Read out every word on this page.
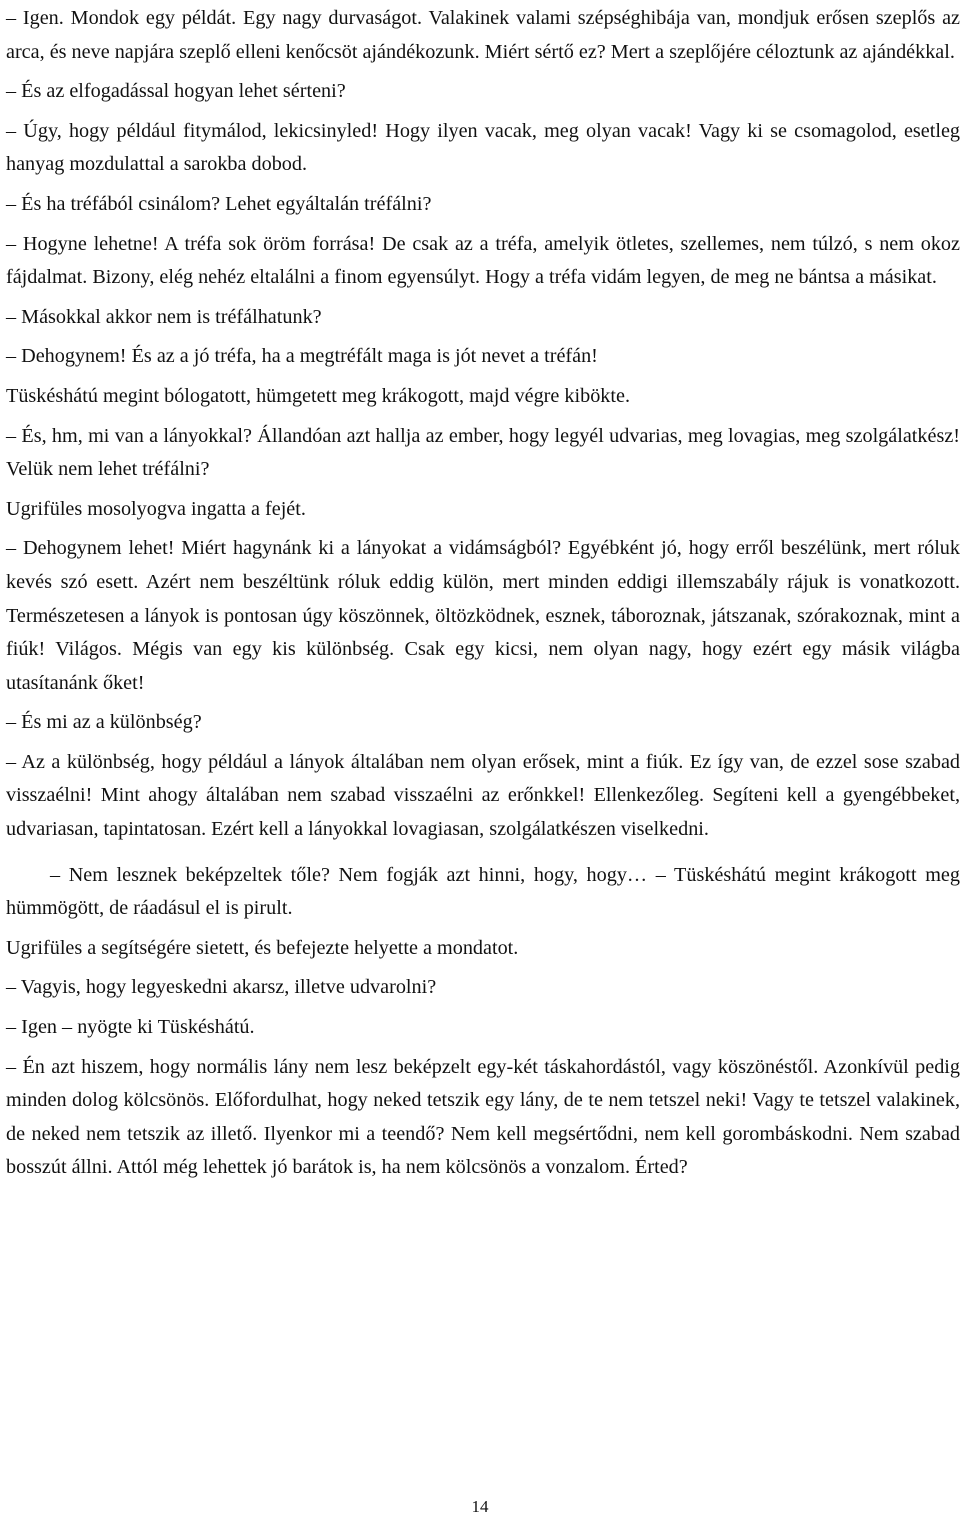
– Igen. Mondok egy példát. Egy nagy durvaságot. Valakinek valami szépséghibája van, mondjuk erősen szeplős az arca, és neve napjára szeplő elleni kenőcsöt ajándékozunk. Miért sértő ez? Mert a szeplőjére céloztunk az ajándékkal.

– És az elfogadással hogyan lehet sérteni?

– Úgy, hogy például fitymálod, lekicsinyled! Hogy ilyen vacak, meg olyan vacak! Vagy ki se csomagolod, esetleg hanyag mozdulattal a sarokba dobod.

– És ha tréfából csinálom? Lehet egyáltalán tréfálni?

– Hogyne lehetne! A tréfa sok öröm forrása! De csak az a tréfa, amelyik ötletes, szellemes, nem túlzó, s nem okoz fájdalmat. Bizony, elég nehéz eltalálni a finom egyensúlyt. Hogy a tréfa vidám legyen, de meg ne bántsa a másikat.

– Másokkal akkor nem is tréfálhatunk?

– Dehogynem! És az a jó tréfa, ha a megtréfált maga is jót nevet a tréfán!

Tüskéshátú megint bólogatott, hümgetett meg krákogott, majd végre kibökte.

– És, hm, mi van a lányokkal? Állandóan azt hallja az ember, hogy legyél udvarias, meg lovagias, meg szolgálatkész! Velük nem lehet tréfálni?

Ugrifüles mosolyogva ingatta a fejét.

– Dehogynem lehet! Miért hagynánk ki a lányokat a vidámságból? Egyébként jó, hogy erről beszélünk, mert róluk kevés szó esett. Azért nem beszéltünk róluk eddig külön, mert minden eddigi illemszabály rájuk is vonatkozott. Természetesen a lányok is pontosan úgy köszönnek, öltözködnek, esznek, táboroznak, játszanak, szórakoznak, mint a fiúk! Világos. Mégis van egy kis különbség. Csak egy kicsi, nem olyan nagy, hogy ezért egy másik világba utasítanánk őket!

– És mi az a különbség?

– Az a különbség, hogy például a lányok általában nem olyan erősek, mint a fiúk. Ez így van, de ezzel sose szabad visszaélni! Mint ahogy általában nem szabad visszaélni az erőnkkel! Ellenkezőleg. Segíteni kell a gyengébbeket, udvariasan, tapintatosan. Ezért kell a lányokkal lovagiasan, szolgálatkészen viselkedni.

– Nem lesznek beképzeltek tőle? Nem fogják azt hinni, hogy, hogy… – Tüskéshátú megint krákogott meg hümmögött, de ráadásul el is pirult.

Ugrifüles a segítségére sietett, és befejezte helyette a mondatot.

– Vagyis, hogy legyeskedni akarsz, illetve udvarolni?

– Igen – nyögte ki Tüskéshátú.

– Én azt hiszem, hogy normális lány nem lesz beképzelt egy-két táskahordástól, vagy köszönéstől. Azonkívül pedig minden dolog kölcsönös. Előfordulhat, hogy neked tetszik egy lány, de te nem tetszel neki! Vagy te tetszel valakinek, de neked nem tetszik az illető. Ilyenkor mi a teendő? Nem kell megsértődni, nem kell gorombáskodni. Nem szabad bosszút állni. Attól még lehettek jó barátok is, ha nem kölcsönös a vonzalom. Érted?

14
